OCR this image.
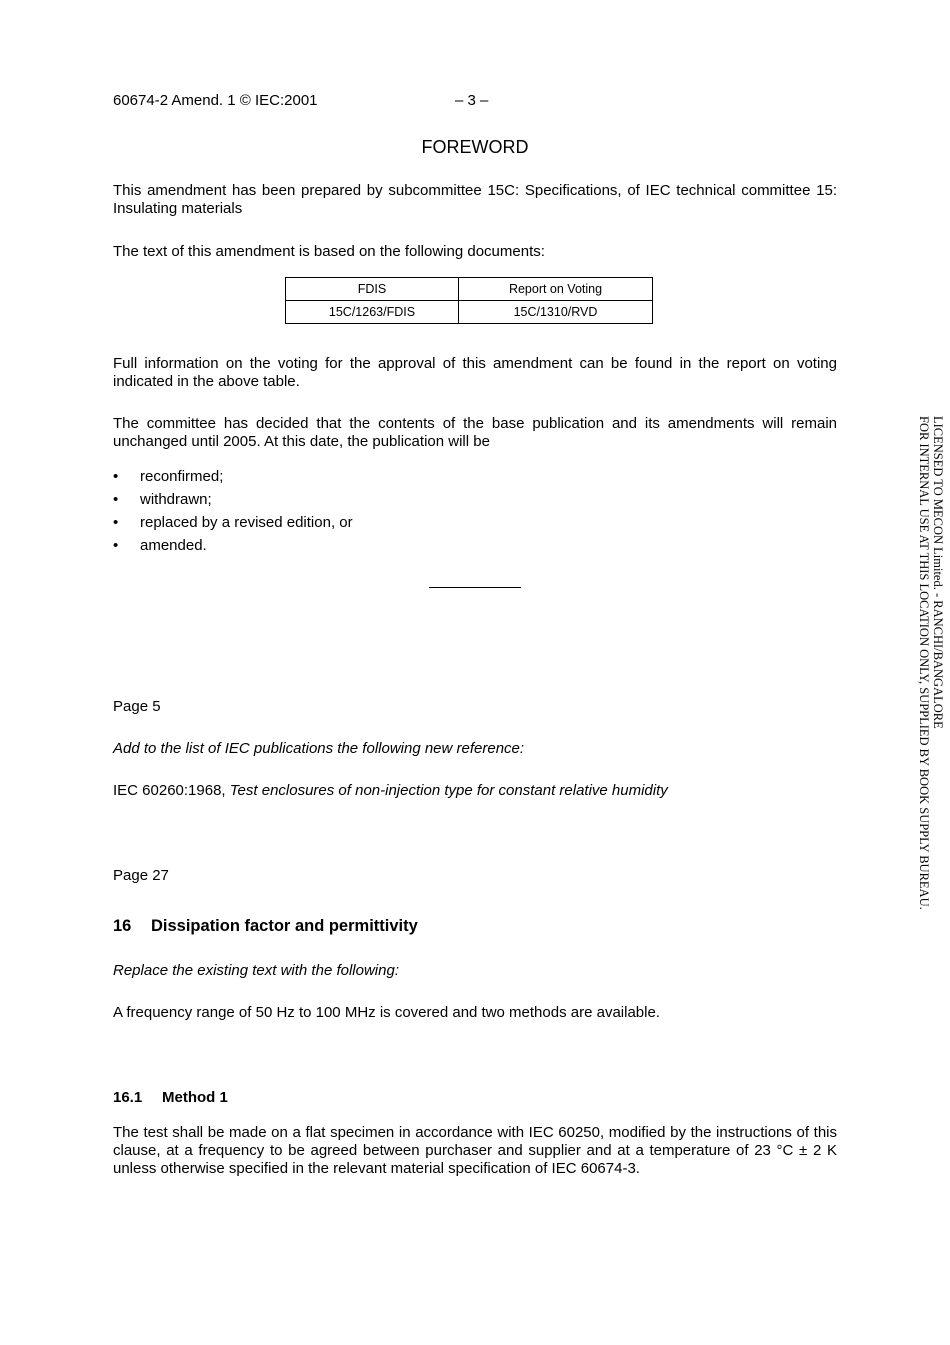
60674-2 Amend. 1 © IEC:2001	– 3 –
FOREWORD
This amendment has been prepared by subcommittee 15C: Specifications, of IEC technical committee 15: Insulating materials
The text of this amendment is based on the following documents:
FDIS	Report on Voting
15C/1263/FDIS	15C/1310/RVD
Full information on the voting for the approval of this amendment can be found in the report on voting indicated in the above table.
The committee has decided that the contents of the base publication and its amendments will remain unchanged until 2005. At this date, the publication will be
• reconfirmed;
• withdrawn;
• replaced by a revised edition, or
• amended.
Page 5
Add to the list of IEC publications the following new reference:
IEC 60260:1968, Test enclosures of non-injection type for constant relative humidity
Page 27
16 Dissipation factor and permittivity
Replace the existing text with the following:
A frequency range of 50 Hz to 100 MHz is covered and two methods are available.
16.1 Method 1
The test shall be made on a flat specimen in accordance with IEC 60250, modified by the instructions of this clause, at a frequency to be agreed between purchaser and supplier and at a temperature of 23 °C ± 2 K unless otherwise specified in the relevant material specification of IEC 60674-3.
LICENSED TO MECON Limited. - RANCHI/BANGALORE
FOR INTERNAL USE AT THIS LOCATION ONLY, SUPPLIED BY BOOK SUPPLY BUREAU.
